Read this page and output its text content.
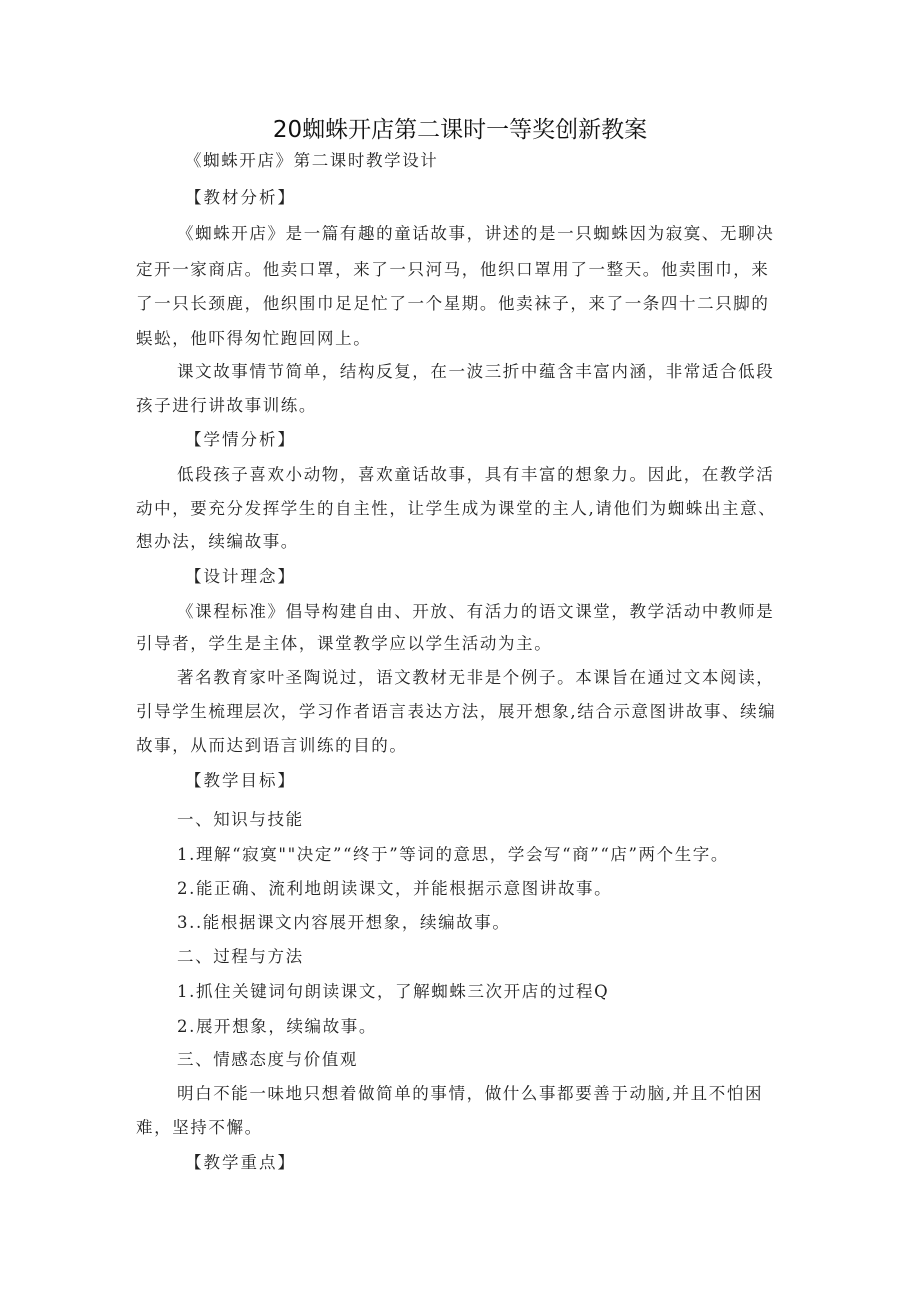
20蜘蛛开店第二课时一等奖创新教案
《蜘蛛开店》第二课时教学设计
【教材分析】
《蜘蛛开店》是一篇有趣的童话故事，讲述的是一只蜘蛛因为寂寞、无聊决
定开一家商店。他卖口罩，来了一只河马，他织口罩用了一整天。他卖围巾，来
了一只长颈鹿，他织围巾足足忙了一个星期。他卖袜子，来了一条四十二只脚的
蜈蚣，他吓得匆忙跑回网上。
课文故事情节简单，结构反复，在一波三折中蕴含丰富内涵，非常适合低段
孩子进行讲故事训练。
【学情分析】
低段孩子喜欢小动物，喜欢童话故事，具有丰富的想象力。因此，在教学活
动中，要充分发挥学生的自主性，让学生成为课堂的主人,请他们为蜘蛛出主意、
想办法，续编故事。
【设计理念】
《课程标准》倡导构建自由、开放、有活力的语文课堂，教学活动中教师是
引导者，学生是主体，课堂教学应以学生活动为主。
著名教育家叶圣陶说过，语文教材无非是个例子。本课旨在通过文本阅读，
引导学生梳理层次，学习作者语言表达方法，展开想象,结合示意图讲故事、续编
故事，从而达到语言训练的目的。
【教学目标】
一、知识与技能
1.理解“寂寞""决定”“终于”等词的意思，学会写“商”“店”两个生字。
2.能正确、流利地朗读课文，并能根据示意图讲故事。
3..能根据课文内容展开想象，续编故事。
二、过程与方法
1.抓住关键词句朗读课文，了解蜘蛛三次开店的过程Q
2.展开想象，续编故事。
三、情感态度与价值观
明白不能一味地只想着做简单的事情，做什么事都要善于动脑,并且不怕困
难，坚持不懈。
【教学重点】
